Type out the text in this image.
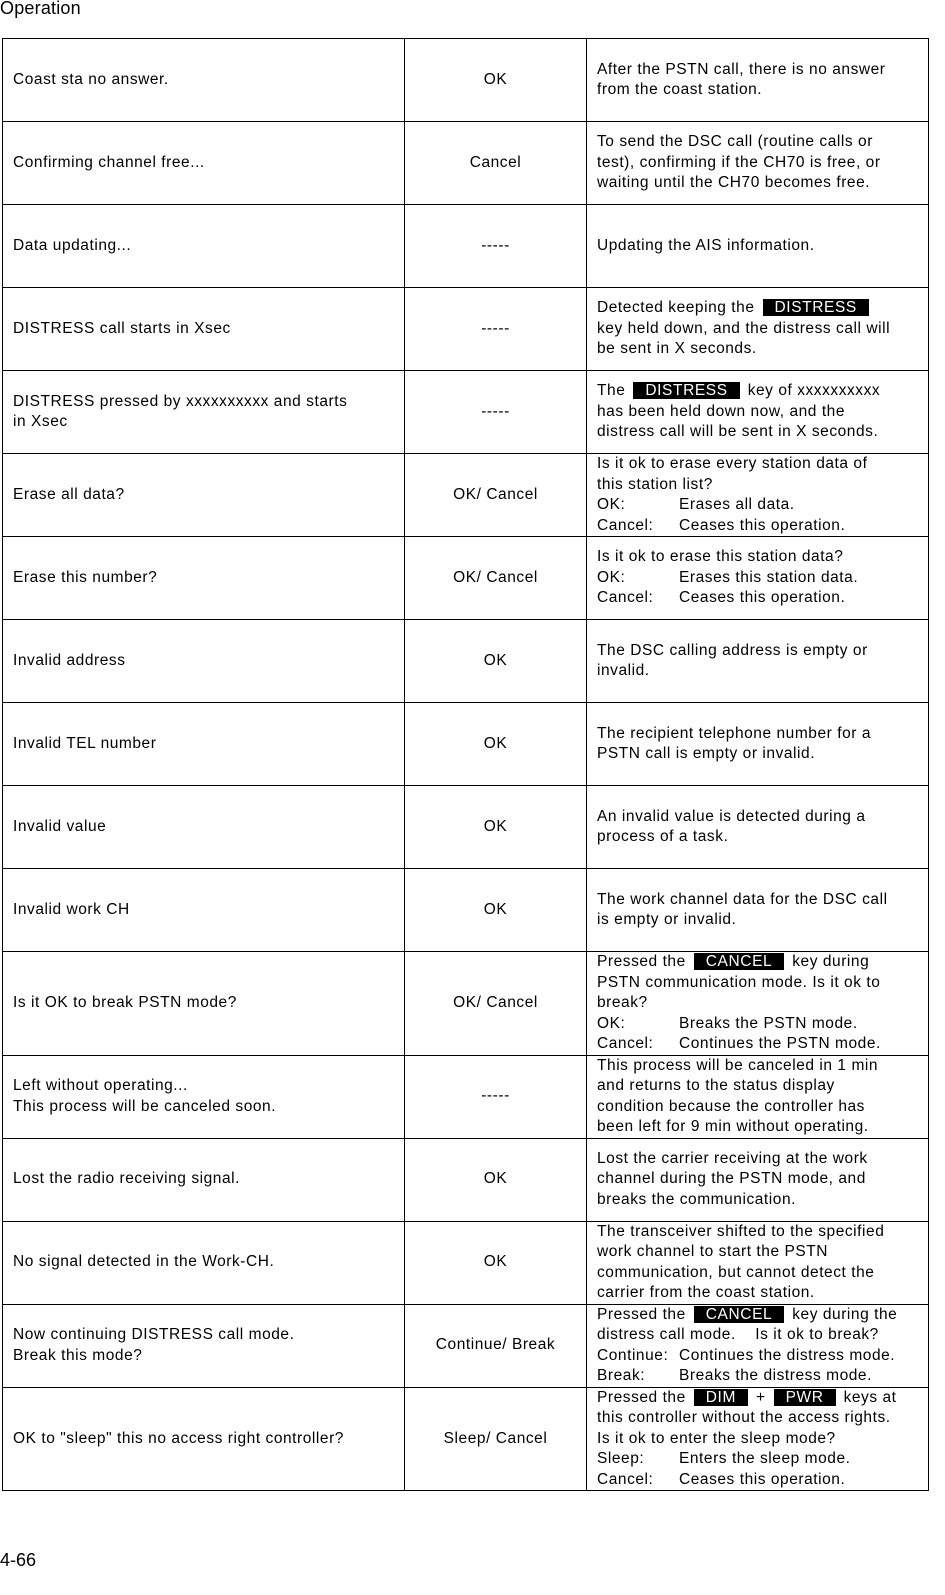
Operation
Coast sta no answer.	OK	After the PSTN call, there is no answer
from the coast station.

Confirming channel free...	Cancel	To send the DSC call (routine calls or
test), confirming if the CH70 is free, or
waiting until the CH70 becomes free.

Data updating...	-----	Updating the AIS information.

DISTRESS call starts in Xsec	-----	Detected keeping the DISTRESS
key held down, and the distress call will
be sent in X seconds.

DISTRESS pressed by xxxxxxxxxx and starts
in Xsec	-----	The DISTRESS key of xxxxxxxxxx
has been held down now, and the
distress call will be sent in X seconds.

Erase all data?	OK/ Cancel	Is it ok to erase every station data of
this station list?
OK: Erases all data.
Cancel: Ceases this operation.

Erase this number?	OK/ Cancel	Is it ok to erase this station data?
OK: Erases this station data.
Cancel: Ceases this operation.

Invalid address	OK	The DSC calling address is empty or
invalid.

Invalid TEL number	OK	The recipient telephone number for a
PSTN call is empty or invalid.

Invalid value	OK	An invalid value is detected during a
process of a task.

Invalid work CH	OK	The work channel data for the DSC call
is empty or invalid.

Is it OK to break PSTN mode?	OK/ Cancel	Pressed the CANCEL key during
PSTN communication mode. Is it ok to
break?
OK: Breaks the PSTN mode.
Cancel: Continues the PSTN mode.

Left without operating...
This process will be canceled soon.	-----	This process will be canceled in 1 min
and returns to the status display
condition because the controller has
been left for 9 min without operating.

Lost the radio receiving signal.	OK	Lost the carrier receiving at the work
channel during the PSTN mode, and
breaks the communication.

No signal detected in the Work-CH.	OK	The transceiver shifted to the specified
work channel to start the PSTN
communication, but cannot detect the
carrier from the coast station.

Now continuing DISTRESS call mode.
Break this mode?	Continue/ Break	Pressed the CANCEL key during the
distress call mode.    Is it ok to break?
Continue: Continues the distress mode.
Break: Breaks the distress mode.

OK to "sleep" this no access right controller?	Sleep/ Cancel	Pressed the DIM + PWR keys at
this controller without the access rights.
Is it ok to enter the sleep mode?
Sleep: Enters the sleep mode.
Cancel: Ceases this operation.
4-66
